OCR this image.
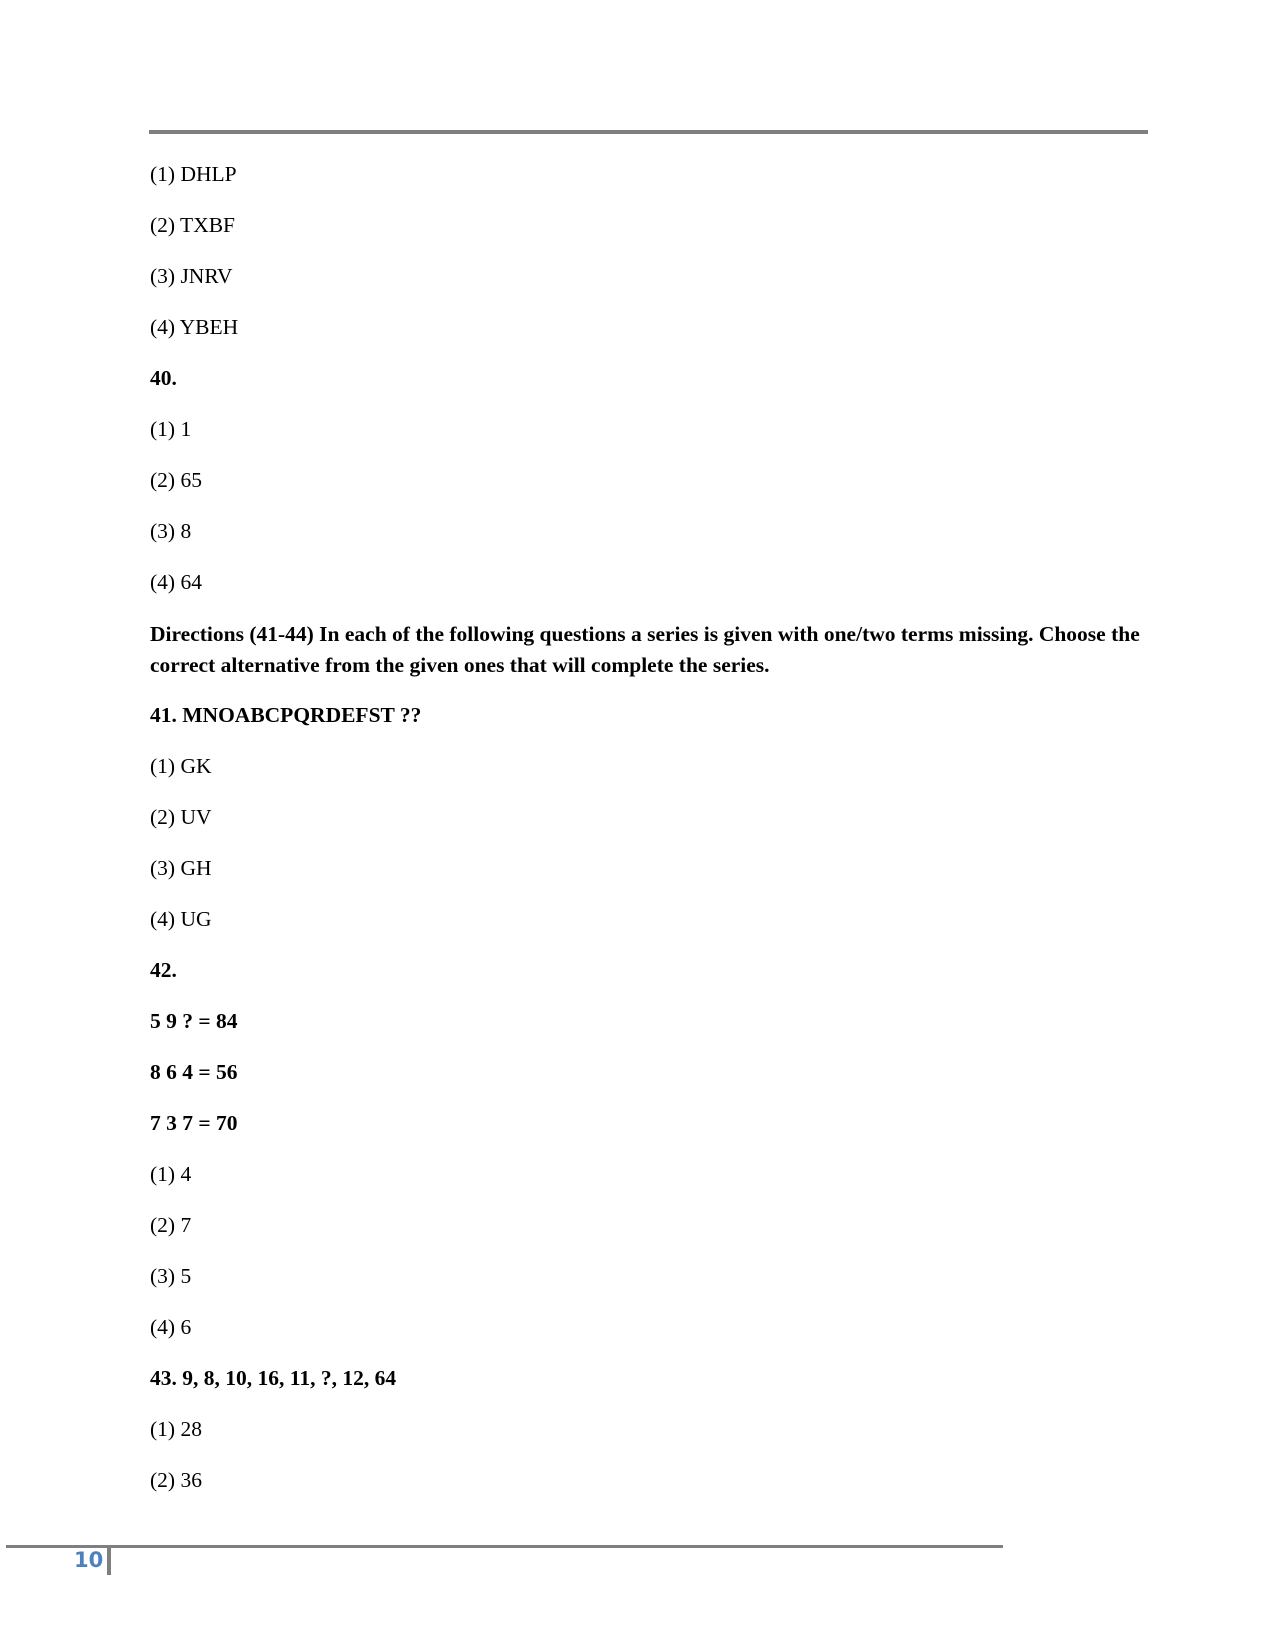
(1) DHLP
(2) TXBF
(3) JNRV
(4) YBEH
40.
(1) 1
(2) 65
(3) 8
(4) 64
Directions (41-44) In each of the following questions a series is given with one/two terms missing. Choose the correct alternative from the given ones that will complete the series.
41. MNOABCPQRDEFST ??
(1) GK
(2) UV
(3) GH
(4) UG
42.
5 9 ? = 84
8 6 4 = 56
7 3 7 = 70
(1) 4
(2) 7
(3) 5
(4) 6
43. 9, 8, 10, 16, 11, ?, 12, 64
(1) 28
(2) 36
10
